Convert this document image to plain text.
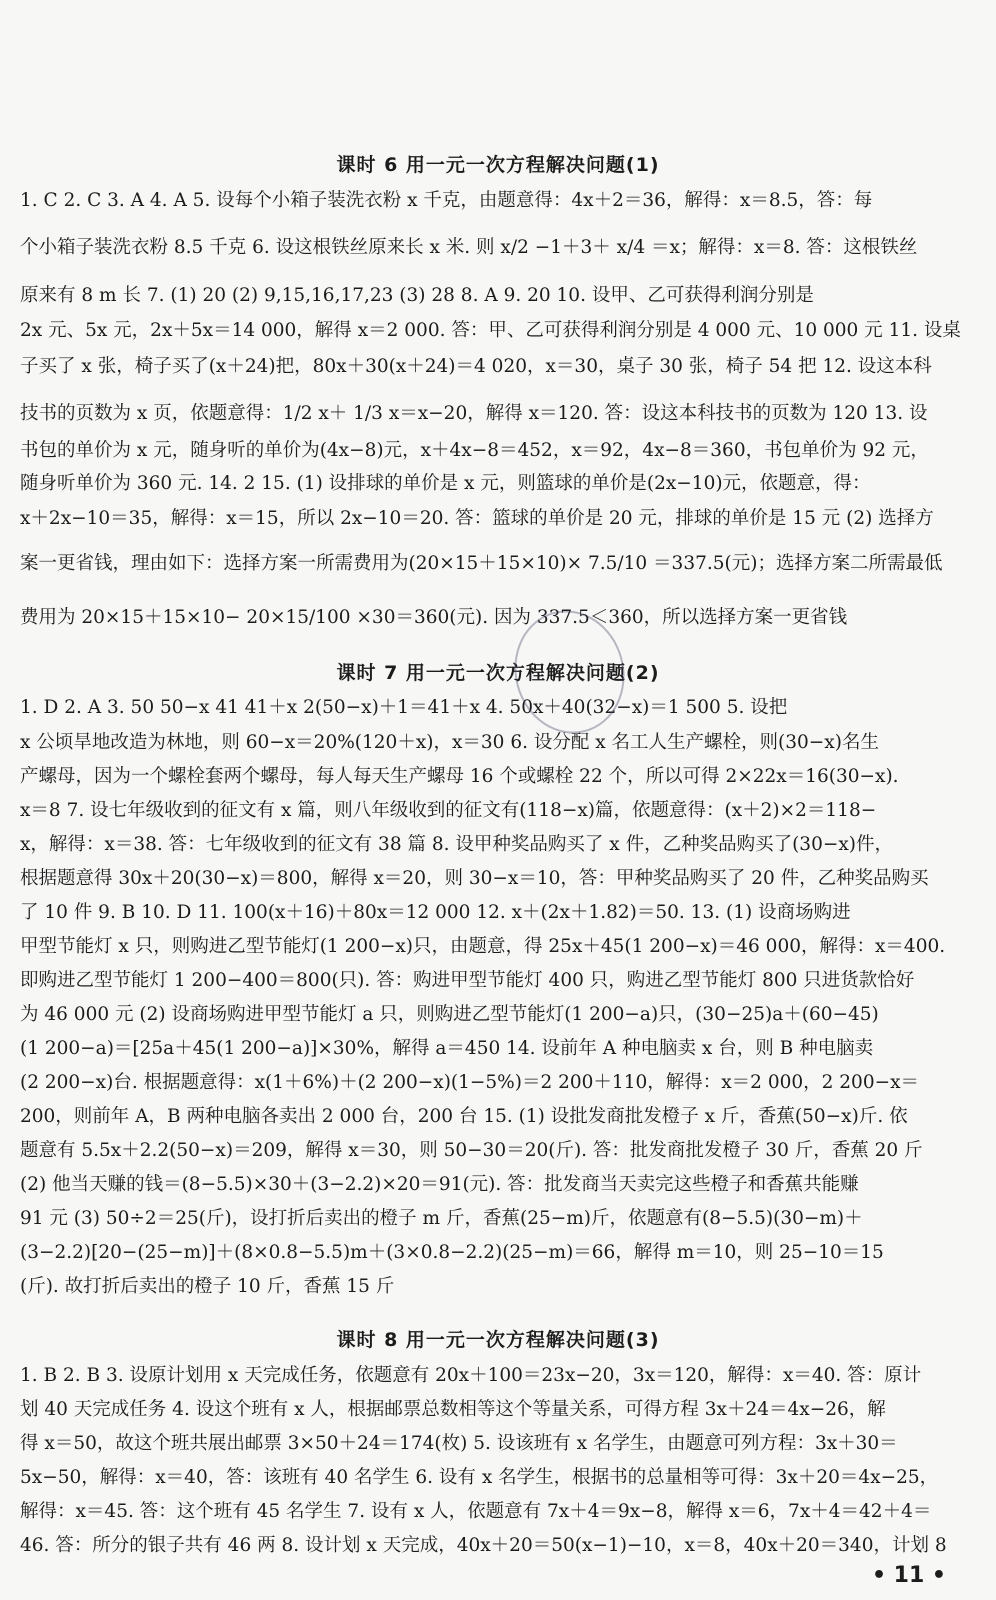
课时 6 用一元一次方程解决问题(1)
1. C 2. C 3. A 4. A 5. 设每个小箱子装洗衣粉 x 千克，由题意得：4x＋2＝36，解得：x＝8.5，答：每
个小箱子装洗衣粉 8.5 千克 6. 设这根铁丝原来长 x 米. 则 x/2 −1＋3＋ x/4 ＝x；解得：x＝8. 答：这根铁丝
原来有 8 m 长 7. (1) 20 (2) 9,15,16,17,23 (3) 28 8. A 9. 20 10. 设甲、乙可获得利润分别是
2x 元、5x 元，2x＋5x＝14 000，解得 x＝2 000. 答：甲、乙可获得利润分别是 4 000 元、10 000 元 11. 设桌
子买了 x 张，椅子买了(x＋24)把，80x＋30(x＋24)＝4 020，x＝30，桌子 30 张，椅子 54 把 12. 设这本科
技书的页数为 x 页，依题意得：1/2 x＋ 1/3 x＝x−20，解得 x＝120. 答：设这本科技书的页数为 120 13. 设
书包的单价为 x 元，随身听的单价为(4x−8)元，x＋4x−8＝452，x＝92，4x−8＝360，书包单价为 92 元，
随身听单价为 360 元. 14. 2 15. (1) 设排球的单价是 x 元，则篮球的单价是(2x−10)元，依题意，得：
x＋2x−10＝35，解得：x＝15，所以 2x−10＝20. 答：篮球的单价是 20 元，排球的单价是 15 元 (2) 选择方
案一更省钱，理由如下：选择方案一所需费用为(20×15＋15×10)× 7.5/10 ＝337.5(元)；选择方案二所需最低
费用为 20×15＋15×10− 20×15/100 ×30＝360(元). 因为 337.5＜360，所以选择方案一更省钱
课时 7 用一元一次方程解决问题(2)
1. D 2. A 3. 50 50−x 41 41＋x 2(50−x)＋1＝41＋x 4. 50x＋40(32−x)＝1 500 5. 设把
x 公顷旱地改造为林地，则 60−x＝20%(120＋x)，x＝30 6. 设分配 x 名工人生产螺栓，则(30−x)名生
产螺母，因为一个螺栓套两个螺母，每人每天生产螺母 16 个或螺栓 22 个，所以可得 2×22x＝16(30−x).
x＝8 7. 设七年级收到的征文有 x 篇，则八年级收到的征文有(118−x)篇，依题意得：(x＋2)×2＝118−
x，解得：x＝38. 答：七年级收到的征文有 38 篇 8. 设甲种奖品购买了 x 件，乙种奖品购买了(30−x)件，
根据题意得 30x＋20(30−x)＝800，解得 x＝20，则 30−x＝10，答：甲种奖品购买了 20 件，乙种奖品购买
了 10 件 9. B 10. D 11. 100(x＋16)＋80x＝12 000 12. x＋(2x＋1.82)＝50. 13. (1) 设商场购进
甲型节能灯 x 只，则购进乙型节能灯(1 200−x)只，由题意，得 25x＋45(1 200−x)＝46 000，解得：x＝400.
即购进乙型节能灯 1 200−400＝800(只). 答：购进甲型节能灯 400 只，购进乙型节能灯 800 只进货款恰好
为 46 000 元 (2) 设商场购进甲型节能灯 a 只，则购进乙型节能灯(1 200−a)只，(30−25)a＋(60−45)
(1 200−a)＝[25a＋45(1 200−a)]×30%，解得 a＝450 14. 设前年 A 种电脑卖 x 台，则 B 种电脑卖
(2 200−x)台. 根据题意得：x(1＋6%)＋(2 200−x)(1−5%)＝2 200＋110，解得：x＝2 000，2 200−x＝
200，则前年 A，B 两种电脑各卖出 2 000 台，200 台 15. (1) 设批发商批发橙子 x 斤，香蕉(50−x)斤. 依
题意有 5.5x＋2.2(50−x)＝209，解得 x＝30，则 50−30＝20(斤). 答：批发商批发橙子 30 斤，香蕉 20 斤
(2) 他当天赚的钱＝(8−5.5)×30＋(3−2.2)×20＝91(元). 答：批发商当天卖完这些橙子和香蕉共能赚
91 元 (3) 50÷2＝25(斤)，设打折后卖出的橙子 m 斤，香蕉(25−m)斤，依题意有(8−5.5)(30−m)＋
(3−2.2)[20−(25−m)]＋(8×0.8−5.5)m＋(3×0.8−2.2)(25−m)＝66，解得 m＝10，则 25−10＝15
(斤). 故打折后卖出的橙子 10 斤，香蕉 15 斤
课时 8 用一元一次方程解决问题(3)
1. B 2. B 3. 设原计划用 x 天完成任务，依题意有 20x＋100＝23x−20，3x＝120，解得：x＝40. 答：原计
划 40 天完成任务 4. 设这个班有 x 人，根据邮票总数相等这个等量关系，可得方程 3x＋24＝4x−26，解
得 x＝50，故这个班共展出邮票 3×50＋24＝174(枚) 5. 设该班有 x 名学生，由题意可列方程：3x＋30＝
5x−50，解得：x＝40，答：该班有 40 名学生 6. 设有 x 名学生，根据书的总量相等可得：3x＋20＝4x−25，
解得：x＝45. 答：这个班有 45 名学生 7. 设有 x 人，依题意有 7x＋4＝9x−8，解得 x＝6，7x＋4＝42＋4＝
46. 答：所分的银子共有 46 两 8. 设计划 x 天完成，40x＋20＝50(x−1)−10，x＝8，40x＋20＝340，计划 8
• 11 •
